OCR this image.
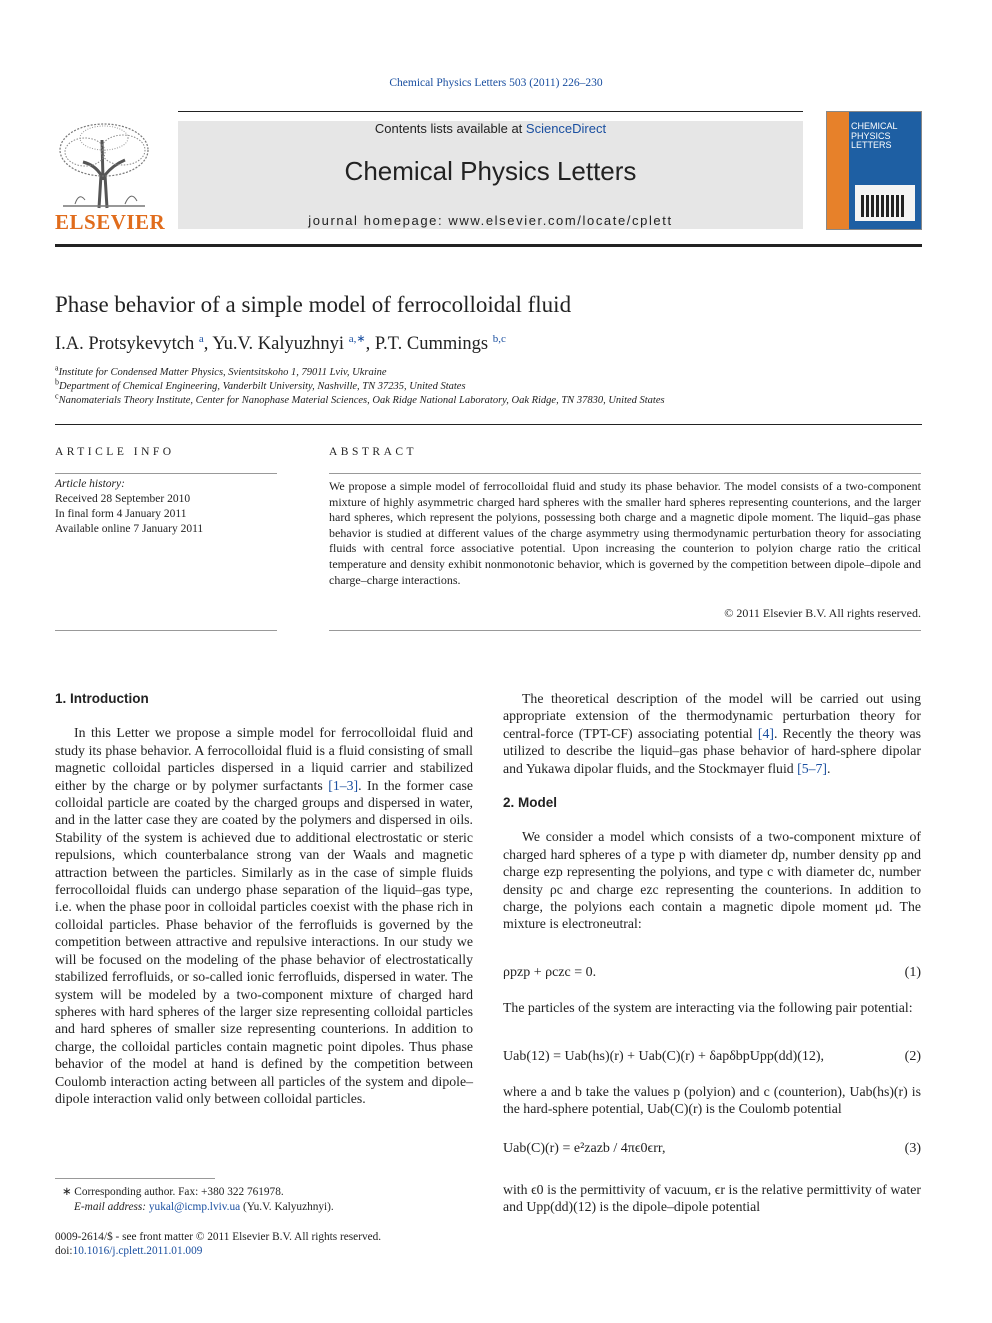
Chemical Physics Letters 503 (2011) 226–230
ELSEVIER
Contents lists available at ScienceDirect
Chemical Physics Letters
journal homepage: www.elsevier.com/locate/cplett
CHEMICAL
PHYSICS
LETTERS
Phase behavior of a simple model of ferrocolloidal fluid
I.A. Protsykevytch $^a$, Yu.V. Kalyuzhnyi $^{a,∗}$, P.T. Cummings $^{b,c}$
$^a$Institute for Condensed Matter Physics, Svientsitskoho 1, 79011 Lviv, Ukraine
$^b$Department of Chemical Engineering, Vanderbilt University, Nashville, TN 37235, United States
$^c$Nanomaterials Theory Institute, Center for Nanophase Material Sciences, Oak Ridge National Laboratory, Oak Ridge, TN 37830, United States
ARTICLE INFO
Article history:
Received 28 September 2010
In final form 4 January 2011
Available online 7 January 2011
ABSTRACT
We propose a simple model of ferrocolloidal fluid and study its phase behavior. The model consists of a two-component mixture of highly asymmetric charged hard spheres with the smaller hard spheres representing counterions, and the larger hard spheres, which represent the polyions, possessing both charge and a magnetic dipole moment. The liquid–gas phase behavior is studied at different values of the charge asymmetry using thermodynamic perturbation theory for associating fluids with central force associative potential. Upon increasing the counterion to polyion charge ratio the critical temperature and density exhibit nonmonotonic behavior, which is governed by the competition between dipole–dipole and charge–charge interactions.
© 2011 Elsevier B.V. All rights reserved.

1. Introduction

In this Letter we propose a simple model for ferrocolloidal fluid and study its phase behavior. A ferrocolloidal fluid is a fluid consisting of small magnetic colloidal particles dispersed in a liquid carrier and stabilized either by the charge or by polymer surfactants [1–3]. In the former case colloidal particle are coated by the charged groups and dispersed in water, and in the latter case they are coated by the polymers and dispersed in oils. Stability of the system is achieved due to additional electrostatic or steric repulsions, which counterbalance strong van der Waals and magnetic attraction between the particles. Similarly as in the case of simple fluids ferrocolloidal fluids can undergo phase separation of the liquid–gas type, i.e. when the phase poor in colloidal particles coexist with the phase rich in colloidal particles. Phase behavior of the ferrofluids is governed by the competition between attractive and repulsive interactions. In our study we will be focused on the modeling of the phase behavior of electrostatically stabilized ferrofluids, or so-called ionic ferrofluids, dispersed in water. The system will be modeled by a two-component mixture of charged hard spheres with hard spheres of the larger size representing colloidal particles and hard spheres of smaller size representing counterions. In addition to charge, the colloidal particles contain magnetic point dipoles. Thus phase behavior of the model at hand is defined by the competition between Coulomb interaction acting between all particles of the system and dipole–dipole interaction valid only between colloidal particles.

The theoretical description of the model will be carried out using appropriate extension of the thermodynamic perturbation theory for central-force (TPT-CF) associating potential [4]. Recently the theory was utilized to describe the liquid–gas phase behavior of hard-sphere dipolar and Yukawa dipolar fluids, and the Stockmayer fluid [5–7].

2. Model

We consider a model which consists of a two-component mixture of charged hard spheres of a type p with diameter dp, number density ρp and charge ezp representing the polyions, and type c with diameter dc, number density ρc and charge ezc representing the counterions. In addition to charge, the polyions each contain a magnetic dipole moment μd. The mixture is electroneutral:

ρpzp + ρczc = 0.	(1)
The particles of the system are interacting via the following pair potential:
Uab(12) = Uab(hs)(r) + Uab(C)(r) + δapδbpUpp(dd)(12),	(2)
where a and b take the values p (polyion) and c (counterion), Uab(hs)(r) is the hard-sphere potential, Uab(C)(r) is the Coulomb potential
Uab(C)(r) = e²zazb / 4πϵ0ϵrr,	(3)
with ϵ0 is the permittivity of vacuum, ϵr is the relative permittivity of water and Upp(dd)(12) is the dipole–dipole potential
∗ Corresponding author. Fax: +380 322 761978.
E-mail address: yukal@icmp.lviv.ua (Yu.V. Kalyuzhnyi).
0009-2614/$ - see front matter © 2011 Elsevier B.V. All rights reserved.
doi:10.1016/j.cplett.2011.01.009
